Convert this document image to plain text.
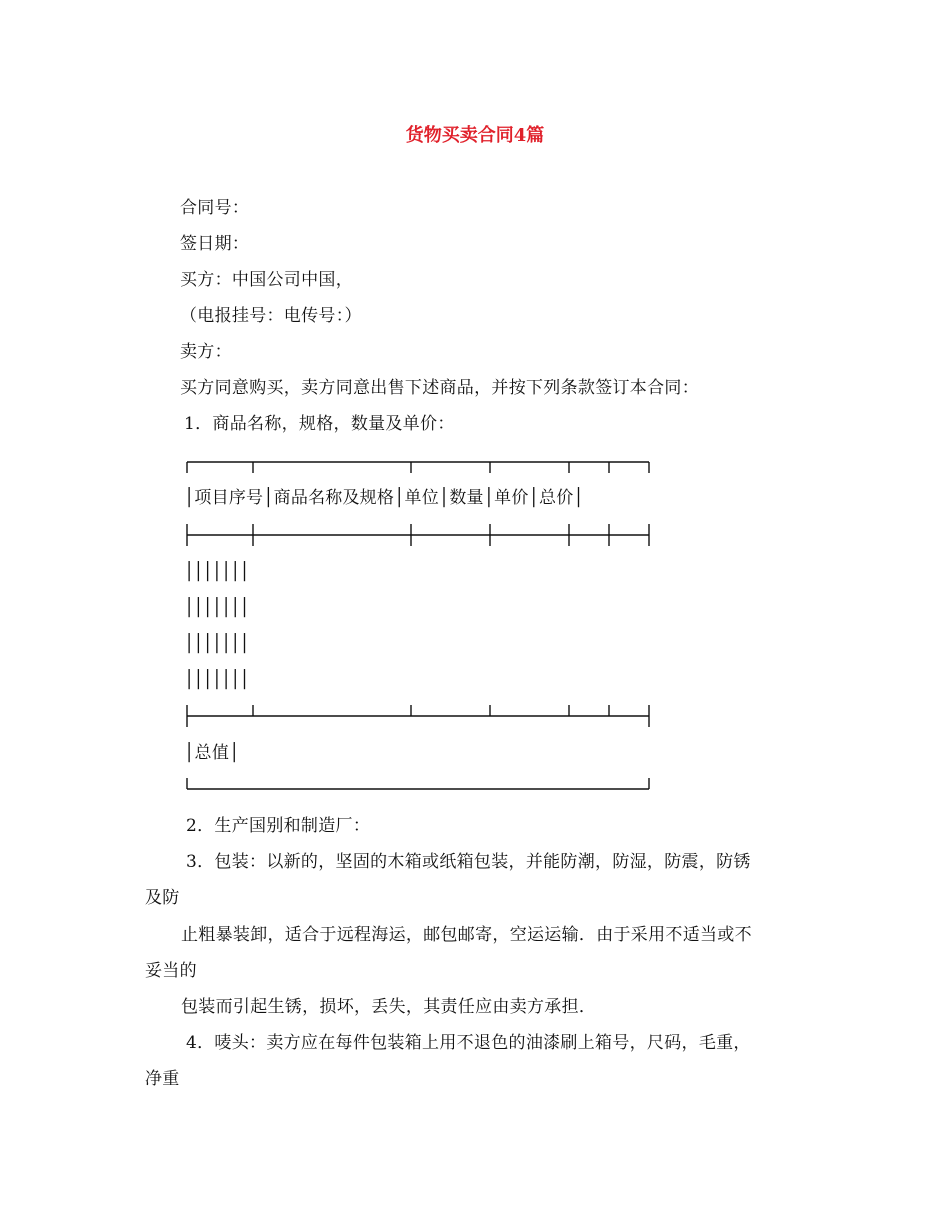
货物买卖合同4篇
合同号：
签日期：
买方：中国公司中国，
（电报挂号：电传号：）
卖方：
买方同意购买，卖方同意出售下述商品，并按下列条款签订本合同：
1．商品名称，规格，数量及单价：
│项目序号│商品名称及规格│单位│数量│单价│总价│
│││││││
│││││││
│││││││
│││││││
│总值│
2．生产国别和制造厂：
3．包装：以新的，坚固的木箱或纸箱包装，并能防潮，防湿，防震，防锈
及防
止粗暴装卸，适合于远程海运，邮包邮寄，空运运输．由于采用不适当或不
妥当的
包装而引起生锈，损坏，丢失，其责任应由卖方承担．
4．唛头：卖方应在每件包装箱上用不退色的油漆刷上箱号，尺码，毛重，
净重
